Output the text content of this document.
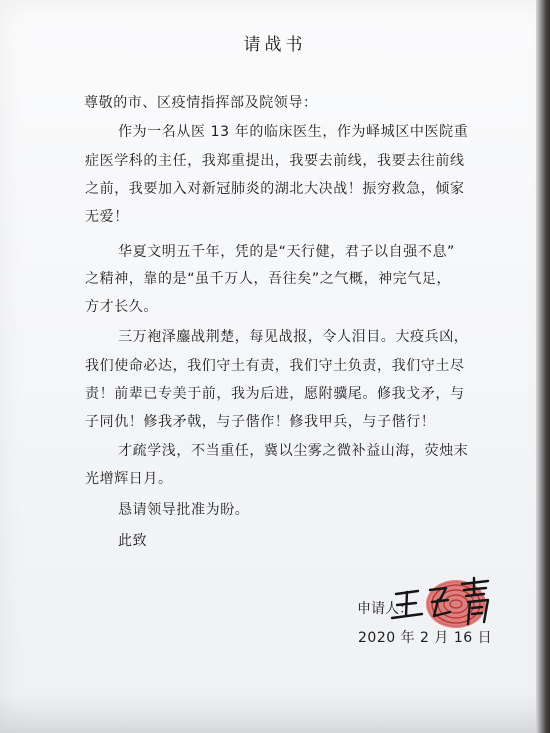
请战书
尊敬的市、区疫情指挥部及院领导：
作为一名从医 13 年的临床医生，作为峄城区中医院重
症医学科的主任，我郑重提出，我要去前线，我要去往前线
之前，我要加入对新冠肺炎的湖北大决战！振穷救急，倾家
无爱！
华夏文明五千年，凭的是“天行健，君子以自强不息”
之精神，靠的是“虽千万人，吾往矣”之气概，神完气足，
方才长久。
三万袍泽鏖战荆楚，每见战报，令人泪目。大疫兵凶，
我们使命必达，我们守土有责，我们守土负责，我们守土尽
责！前辈已专美于前，我为后进，愿附骥尾。修我戈矛，与
子同仇！修我矛戟，与子偕作！修我甲兵，与子偕行！
才疏学浅，不当重任，冀以尘雾之微补益山海，荧烛末
光增辉日月。
恳请领导批准为盼。
此致
申请人：
2020 年 2 月 16 日
